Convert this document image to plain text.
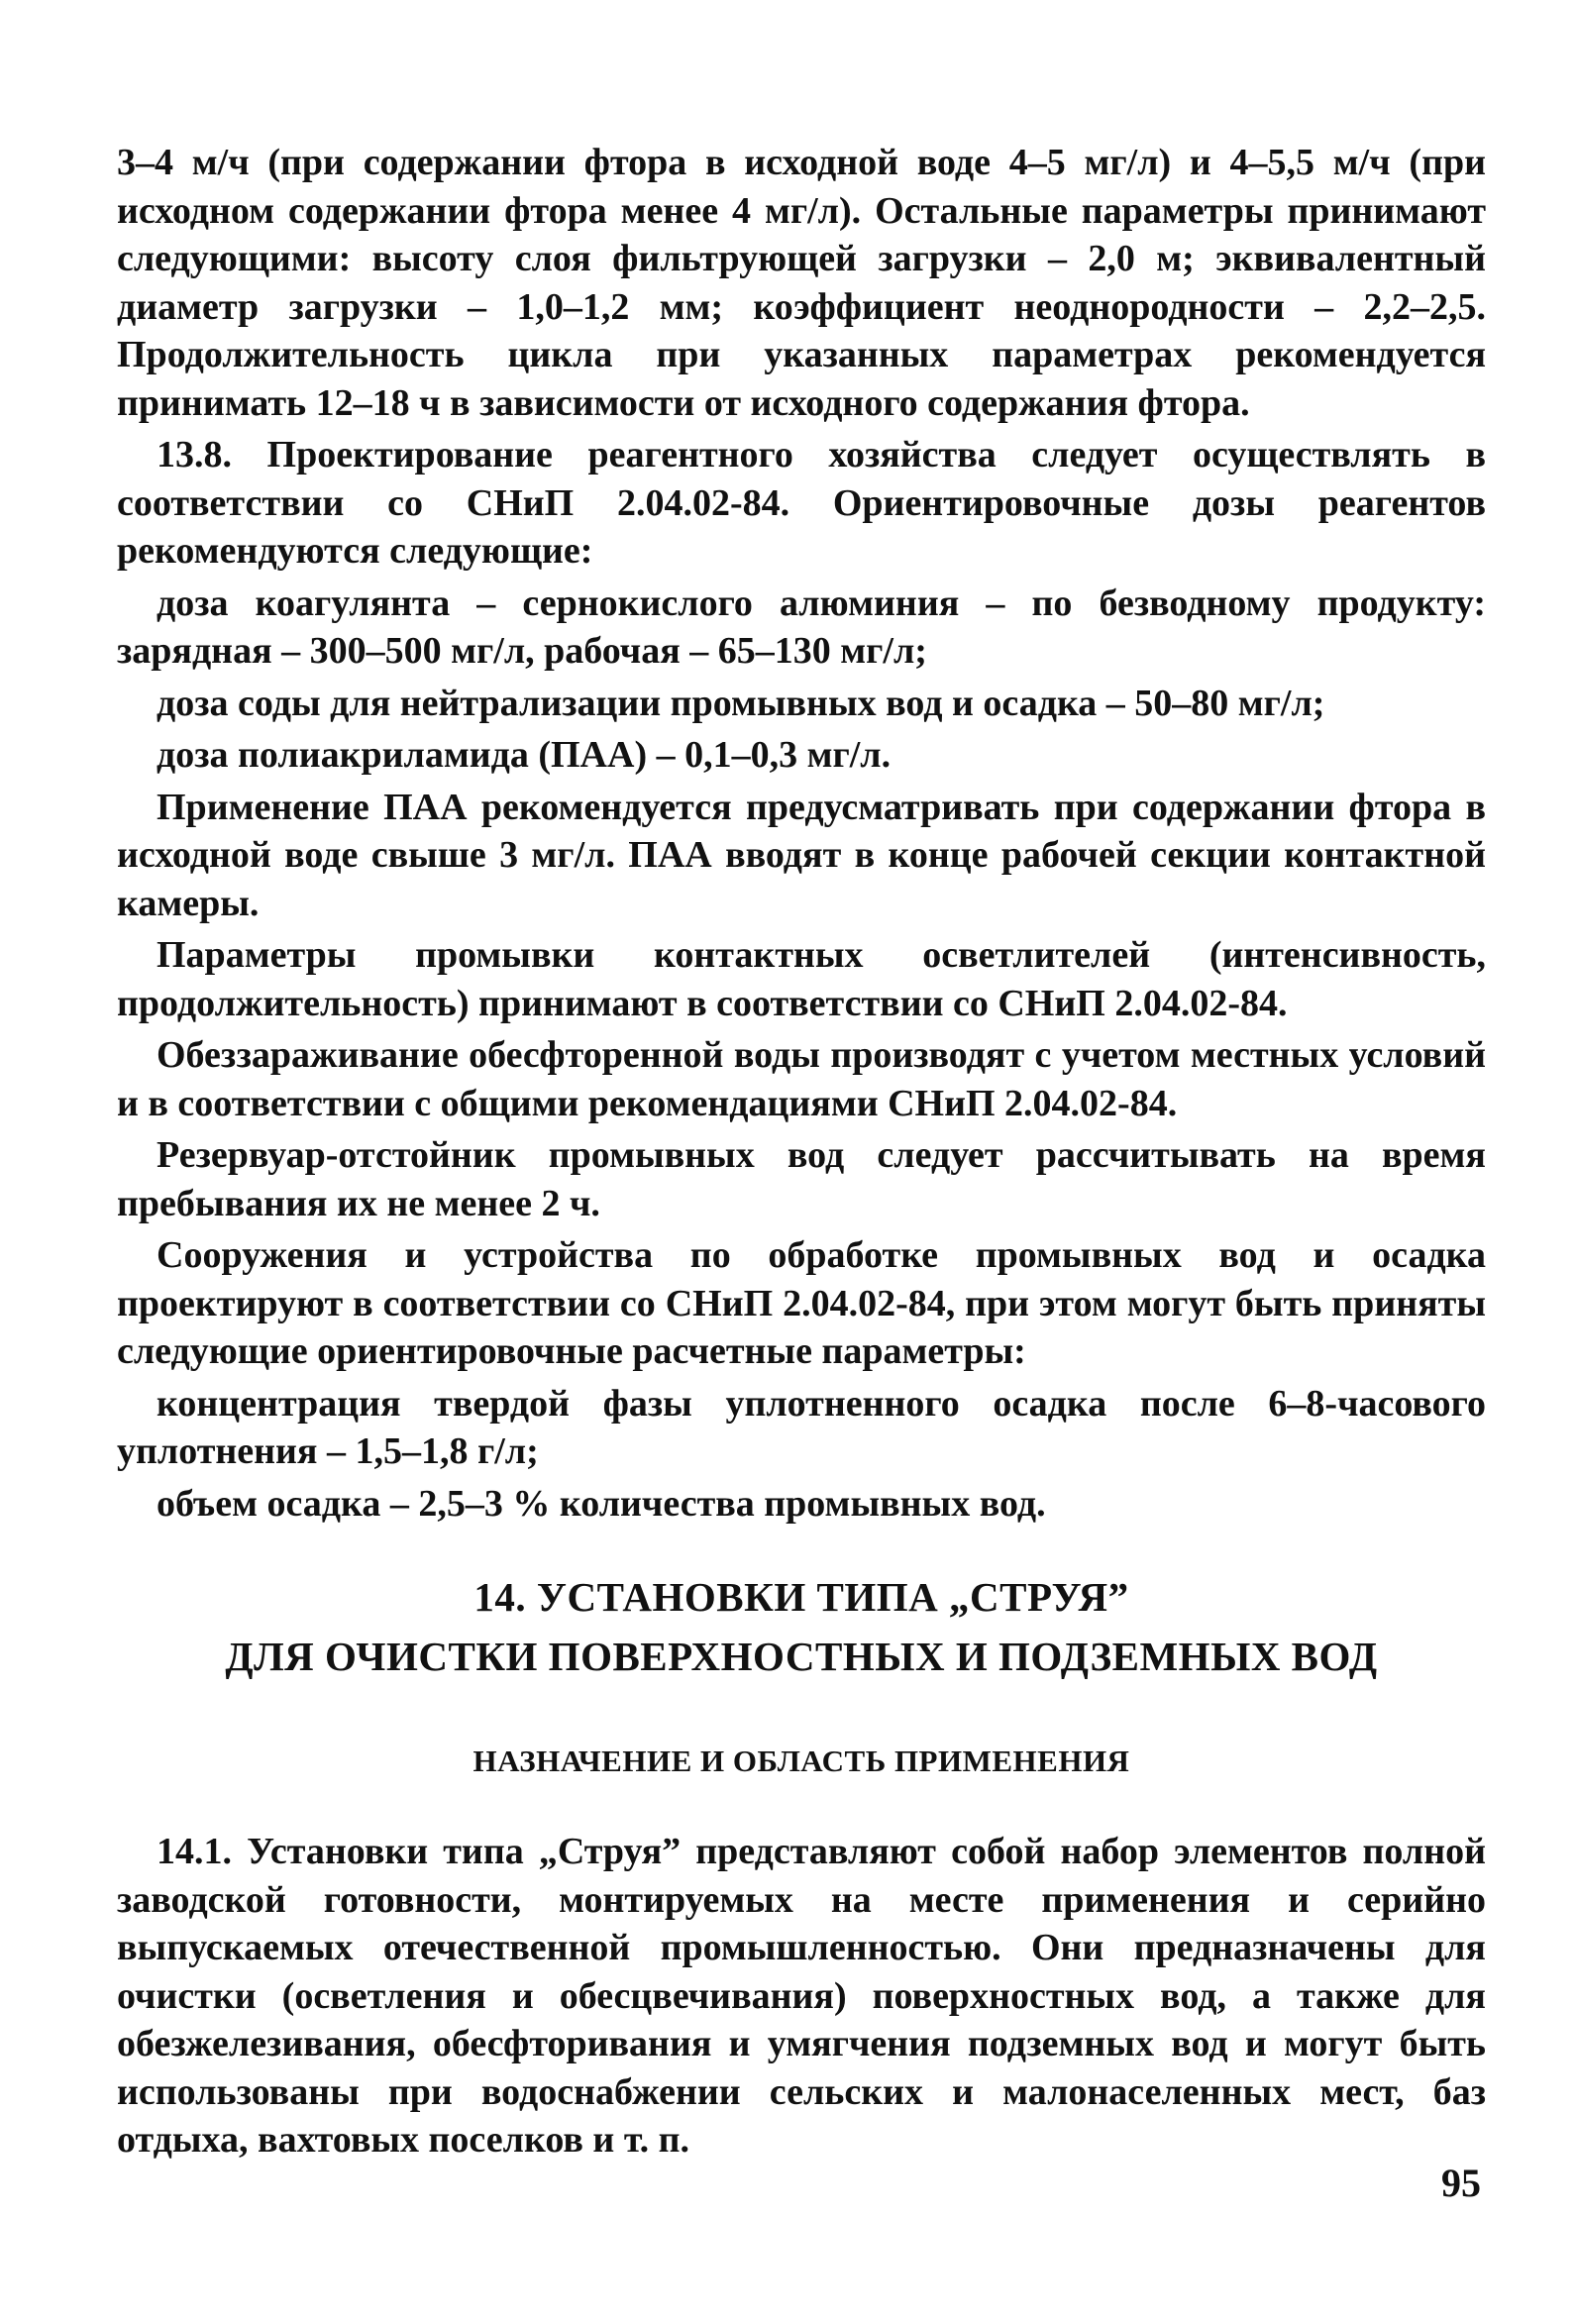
3–4 м/ч (при содержании фтора в исходной воде 4–5 мг/л) и 4–5,5 м/ч (при исходном содержании фтора менее 4 мг/л). Остальные параметры принимают следующими: высоту слоя фильтрующей загрузки – 2,0 м; эквивалентный диаметр загрузки – 1,0–1,2 мм; коэффициент неоднородности – 2,2–2,5. Продолжительность цикла при указанных параметрах рекомендуется принимать 12–18 ч в зависимости от исходного содержания фтора.

13.8. Проектирование реагентного хозяйства следует осуществлять в соответствии со СНиП 2.04.02-84. Ориентировочные дозы реагентов рекомендуются следующие:

доза коагулянта – сернокислого алюминия – по безводному продукту: зарядная – 300–500 мг/л, рабочая – 65–130 мг/л;

доза соды для нейтрализации промывных вод и осадка – 50–80 мг/л;

доза полиакриламида (ПАА) – 0,1–0,3 мг/л.

Применение ПАА рекомендуется предусматривать при содержании фтора в исходной воде свыше 3 мг/л. ПАА вводят в конце рабочей секции контактной камеры.

Параметры промывки контактных осветлителей (интенсивность, продолжительность) принимают в соответствии со СНиП 2.04.02-84.

Обеззараживание обесфторенной воды производят с учетом местных условий и в соответствии с общими рекомендациями СНиП 2.04.02-84.

Резервуар-отстойник промывных вод следует рассчитывать на время пребывания их не менее 2 ч.

Сооружения и устройства по обработке промывных вод и осадка проектируют в соответствии со СНиП 2.04.02-84, при этом могут быть приняты следующие ориентировочные расчетные параметры:

концентрация твердой фазы уплотненного осадка после 6–8-часового уплотнения – 1,5–1,8 г/л;

объем осадка – 2,5–3 % количества промывных вод.

14. УСТАНОВКИ ТИПА „СТРУЯ”
ДЛЯ ОЧИСТКИ ПОВЕРХНОСТНЫХ И ПОДЗЕМНЫХ ВОД
НАЗНАЧЕНИЕ И ОБЛАСТЬ ПРИМЕНЕНИЯ

14.1. Установки типа „Струя” представляют собой набор элементов полной заводской готовности, монтируемых на месте применения и серийно выпускаемых отечественной промышленностью. Они предназначены для очистки (осветления и обесцвечивания) поверхностных вод, а также для обезжелезивания, обесфторивания и умягчения подземных вод и могут быть использованы при водоснабжении сельских и малонаселенных мест, баз отдыха, вахтовых поселков и т. п.

95
